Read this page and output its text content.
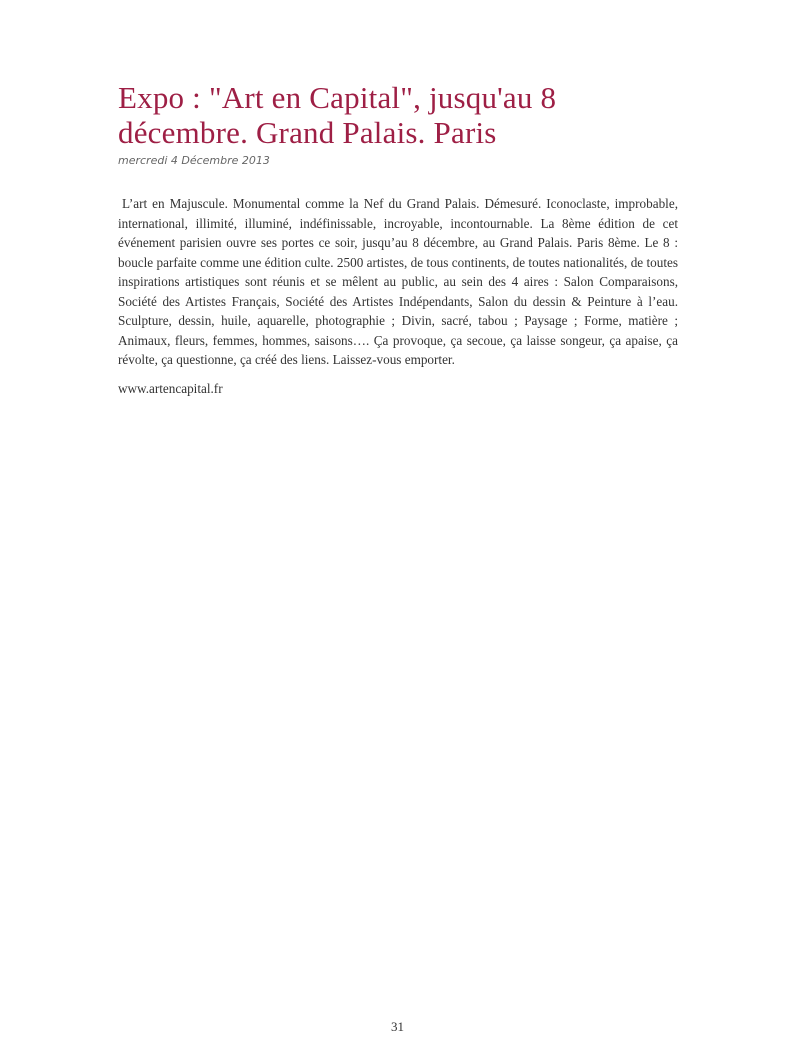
Expo : "Art en Capital", jusqu'au 8 décembre. Grand Palais. Paris
mercredi 4 Décembre 2013
L’art en Majuscule. Monumental comme la Nef du Grand Palais. Démesuré. Iconoclaste, improbable, international, illimité, illuminé, indéfinissable, incroyable, incontournable. La 8ème édition de cet événement parisien ouvre ses portes ce soir, jusqu’au 8 décembre, au Grand Palais. Paris 8ème. Le 8 : boucle parfaite comme une édition culte. 2500 artistes, de tous continents, de toutes nationalités, de toutes inspirations artistiques sont réunis et se mêlent au public, au sein des 4 aires : Salon Comparaisons, Société des Artistes Français, Société des Artistes Indépendants, Salon du dessin & Peinture à l’eau. Sculpture, dessin, huile, aquarelle, photographie ; Divin, sacré, tabou ; Paysage ; Forme, matière ; Animaux, fleurs, femmes, hommes, saisons…. Ça provoque, ça secoue, ça laisse songeur, ça apaise, ça révolte, ça questionne, ça créé des liens. Laissez-vous emporter.
www.artencapital.fr
31
